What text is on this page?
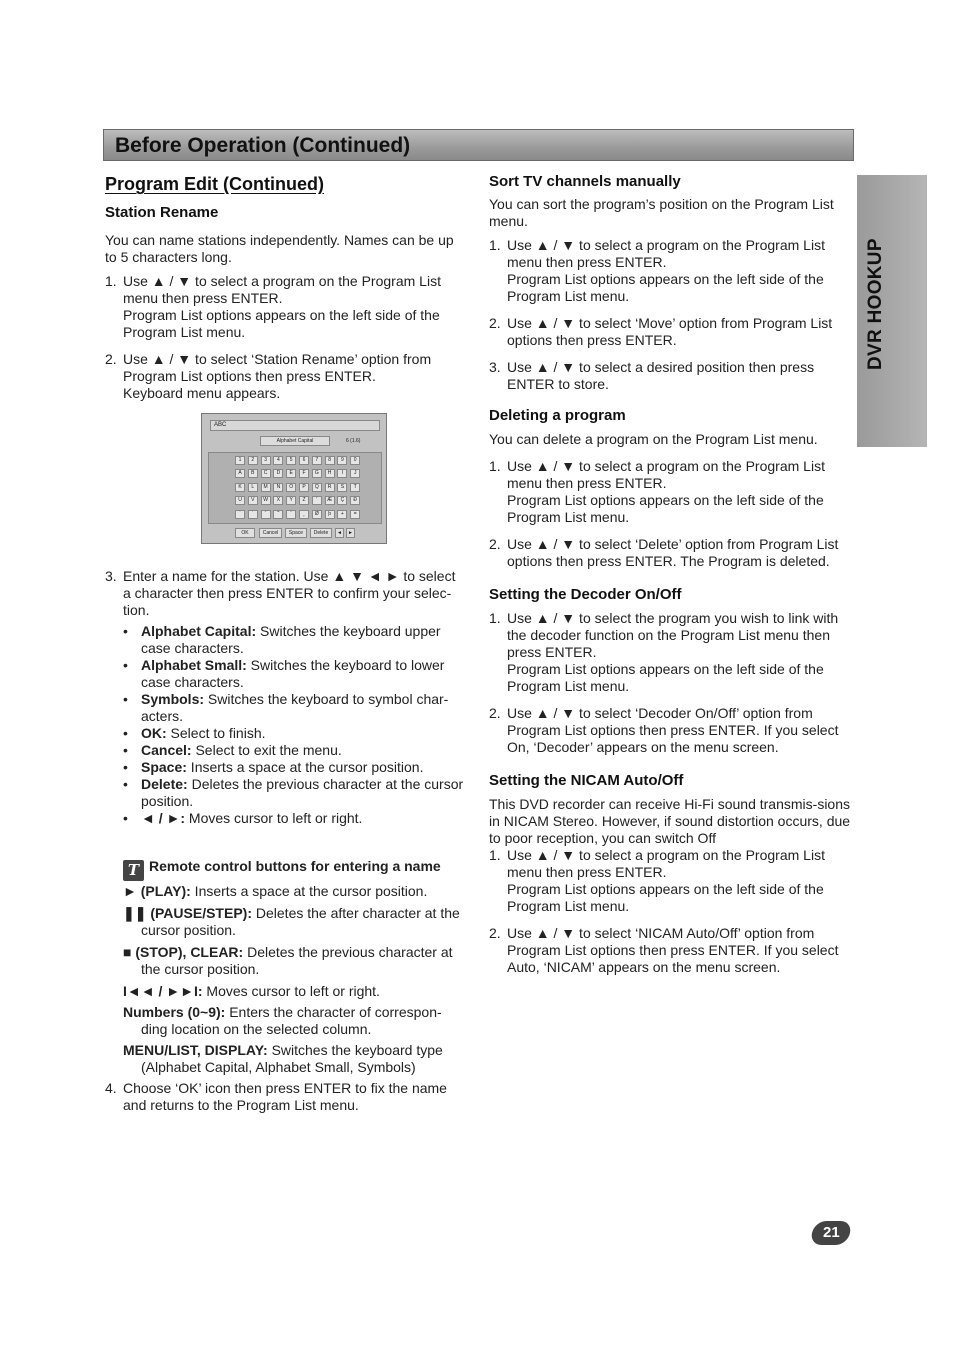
Before Operation (Continued)
DVR HOOKUP
Program Edit (Continued)
Station Rename

You can name stations independently. Names can be up to 5 characters long.

1. Use ▲ / ▼ to select a program on the Program List menu then press ENTER.

Program List options appears on the left side of the Program List menu.

2. Use ▲ / ▼ to select ‘Station Rename’ option from Program List options then press ENTER.

Keyboard menu appears.

3. Enter a name for the station. Use ▲ ▼ ◄ ► to select a character then press ENTER to confirm your selec-tion.

• Alphabet Capital: Switches the keyboard upper case characters.

• Alphabet Small: Switches the keyboard to lower case characters.

• Symbols: Switches the keyboard to symbol char-acters.

• OK: Select to finish.

• Cancel: Select to exit the menu.

• Space: Inserts a space at the cursor position.

• Delete: Deletes the previous character at the cursor position.

• ◄ / ►: Moves cursor to left or right.

T Remote control buttons for entering a name

► (PLAY): Inserts a space at the cursor position.

❚❚ (PAUSE/STEP): Deletes the after character at the cursor position.

■ (STOP), CLEAR: Deletes the previous character at the cursor position.

I◄◄ / ►►I: Moves cursor to left or right.

Numbers (0~9): Enters the character of correspon-ding location on the selected column.

MENU/LIST, DISPLAY: Switches the keyboard type (Alphabet Capital, Alphabet Small, Symbols)

4. Choose ‘OK’ icon then press ENTER to fix the name and returns to the Program List menu.

ABC
Alphabet Capital	6 (1.6)
1	2	3	4	5	6	7	8	9	0
A	B	C	D	E	F	G	H	I	J
K	L	M	N	O	P	Q	R	S	T
U	V	W	X	Y	Z	'	Æ	Ç	Ð
`	´	ˆ	˜	¨	¸	Ø	þ	+	=
OK	Cancel	Space	Delete	◄	►
Sort TV channels manually

You can sort the program’s position on the Program List menu.

1. Use ▲ / ▼ to select a program on the Program List menu then press ENTER.

Program List options appears on the left side of the Program List menu.

2. Use ▲ / ▼ to select ‘Move’ option from Program List options then press ENTER.

3. Use ▲ / ▼ to select a desired position then press ENTER to store.

Deleting a program

You can delete a program on the Program List menu.

1. Use ▲ / ▼ to select a program on the Program List menu then press ENTER.

Program List options appears on the left side of the Program List menu.

2. Use ▲ / ▼ to select ‘Delete’ option from Program List options then press ENTER. The Program is deleted.

Setting the Decoder On/Off
1. Use ▲ / ▼ to select the program you wish to link with the decoder function on the Program List menu then press ENTER.

Program List options appears on the left side of the Program List menu.

2. Use ▲ / ▼ to select ‘Decoder On/Off’ option from Program List options then press ENTER. If you select On, ‘Decoder’ appears on the menu screen.

Setting the NICAM Auto/Off

This DVD recorder can receive Hi-Fi sound transmis-sions in NICAM Stereo. However, if sound distortion occurs, due to poor reception, you can switch Off

1. Use ▲ / ▼ to select a program on the Program List menu then press ENTER.

Program List options appears on the left side of the Program List menu.

2. Use ▲ / ▼ to select ‘NICAM Auto/Off’ option from Program List options then press ENTER. If you select Auto, ‘NICAM’ appears on the menu screen.

21
